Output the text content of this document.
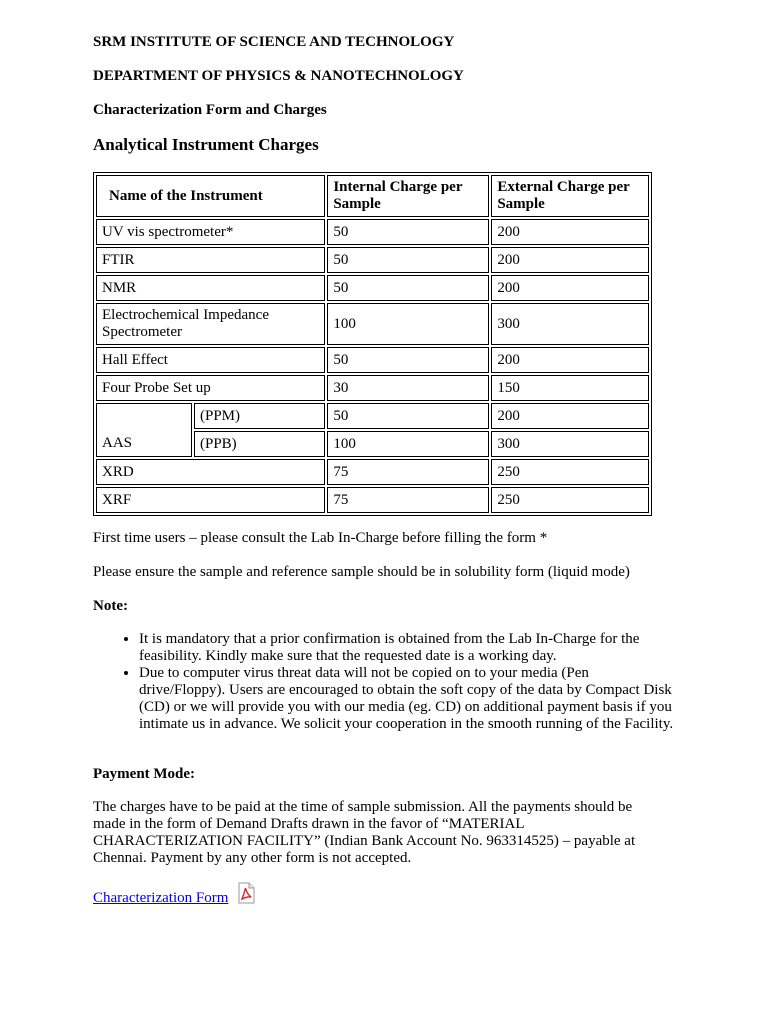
SRM INSTITUTE OF SCIENCE AND TECHNOLOGY
DEPARTMENT OF PHYSICS & NANOTECHNOLOGY
Characterization Form and Charges
Analytical Instrument Charges
Name of the Instrument		Internal Charge per Sample	External Charge per Sample
UV vis spectrometer*		50	200
FTIR		50	200
NMR		50	200
Electrochemical Impedance Spectrometer		100	300
Hall Effect		50	200
Four Probe Set up		30	150
AAS	(PPM)	50	200
	(PPB)	100	300
XRD		75	250
XRF		75	250
First time users – please consult the Lab In-Charge before filling the form *
Please ensure the sample and reference sample should be in solubility form (liquid mode)
Note:
• It is mandatory that a prior confirmation is obtained from the Lab In-Charge for the feasibility. Kindly make sure that the requested date is a working day.
• Due to computer virus threat data will not be copied on to your media (Pen drive/Floppy). Users are encouraged to obtain the soft copy of the data by Compact Disk (CD) or we will provide you with our media (eg. CD) on additional payment basis if you intimate us in advance. We solicit your cooperation in the smooth running of the Facility.
Payment Mode:
The charges have to be paid at the time of sample submission. All the payments should be made in the form of Demand Drafts drawn in the favor of “MATERIAL CHARACTERIZATION FACILITY” (Indian Bank Account No. 963314525) – payable at Chennai. Payment by any other form is not accepted.
Characterization Form
